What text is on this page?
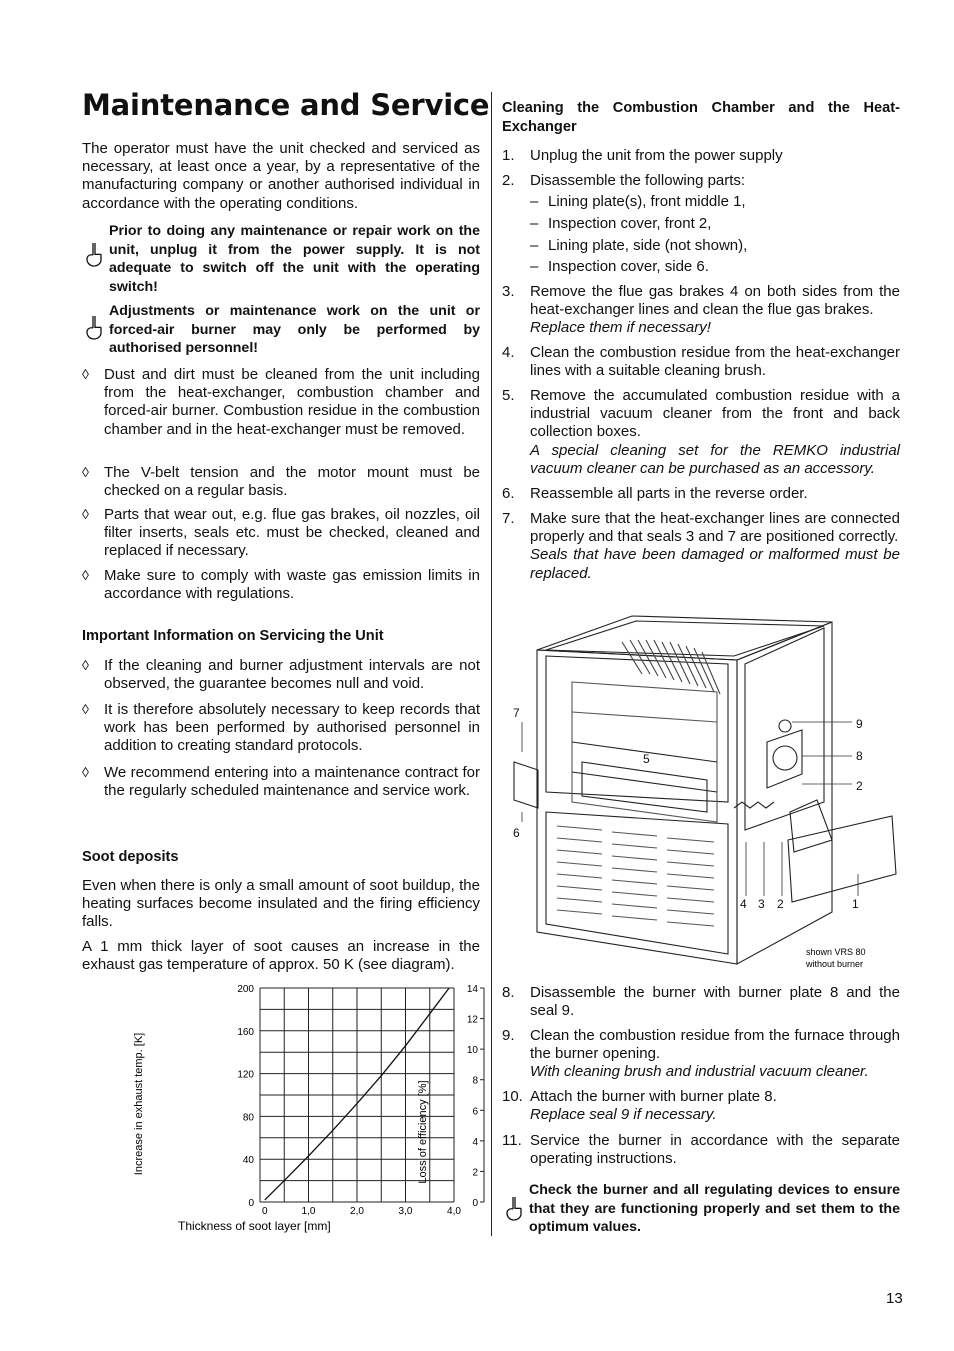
Maintenance and Service

The operator must have the unit checked and serviced as necessary, at least once a year, by a representative of the manufacturing company or another authorised individual in accordance with the operating conditions.

Prior to doing any maintenance or repair work on the unit, unplug it from the power supply. It is not adequate to switch off the unit with the operating switch!
Adjustments or maintenance work on the unit or forced-air burner may only be performed by authorised personnel!
◊ Dust and dirt must be cleaned from the unit including from the heat-exchanger, combustion chamber and forced-air burner. Combustion residue in the combustion chamber and in the heat-exchanger must be removed.
◊ The V-belt tension and the motor mount must be checked on a regular basis.
◊ Parts that wear out, e.g. flue gas brakes, oil nozzles, oil filter inserts, seals etc. must be checked, cleaned and replaced if necessary.
◊ Make sure to comply with waste gas emission limits in accordance with regulations.
Important Information on Servicing the Unit
◊ If the cleaning and burner adjustment intervals are not observed, the guarantee becomes null and void.
◊ It is therefore absolutely necessary to keep records that work has been performed by authorised personnel in addition to creating standard protocols.
◊ We recommend entering into a maintenance contract for the regularly scheduled maintenance and service work.
Soot deposits

Even when there is only a small amount of soot buildup, the heating surfaces become insulated and the firing efficiency falls.

A 1 mm thick layer of soot causes an increase in the exhaust gas temperature of approx. 50 K (see diagram).

0
40
80
120
160
200
0	1,0	2,0	3,0	4,0
0
2
4
6
8
10
12
14
Increase in exhaust temp. [K]	Loss of efficiency [%]
Thickness of soot layer [mm]
Cleaning the Combustion Chamber and the Heat-Exchanger
1. Unplug the unit from the power supply
2. Disassemble the following parts:
– Lining plate(s), front middle 1,
– Inspection cover, front 2,
– Lining plate, side (not shown),
– Inspection cover, side 6.
3. Remove the flue gas brakes 4 on both sides from the heat-exchanger lines and clean the flue gas brakes.
Replace them if necessary!
4. Clean the combustion residue from the heat-exchanger lines with a suitable cleaning brush.
5. Remove the accumulated combustion residue with a industrial vacuum cleaner from the front and back collection boxes.
A special cleaning set for the REMKO industrial vacuum cleaner can be purchased as an accessory.
6. Reassemble all parts in the reverse order.
7. Make sure that the heat-exchanger lines are connected properly and that seals 3 and 7 are positioned correctly.
Seals that have been damaged or malformed must be replaced.
7
9
5	8
2
6
4 3 2	1
shown VRS 80
without burner
8. Disassemble the burner with burner plate 8 and the seal 9.
9. Clean the combustion residue from the furnace through the burner opening.
With cleaning brush and industrial vacuum cleaner.
10. Attach the burner with burner plate 8.
Replace seal 9 if necessary.
11. Service the burner in accordance with the separate operating instructions.
Check the burner and all regulating devices to ensure that they are functioning properly and set them to the optimum values.
13
